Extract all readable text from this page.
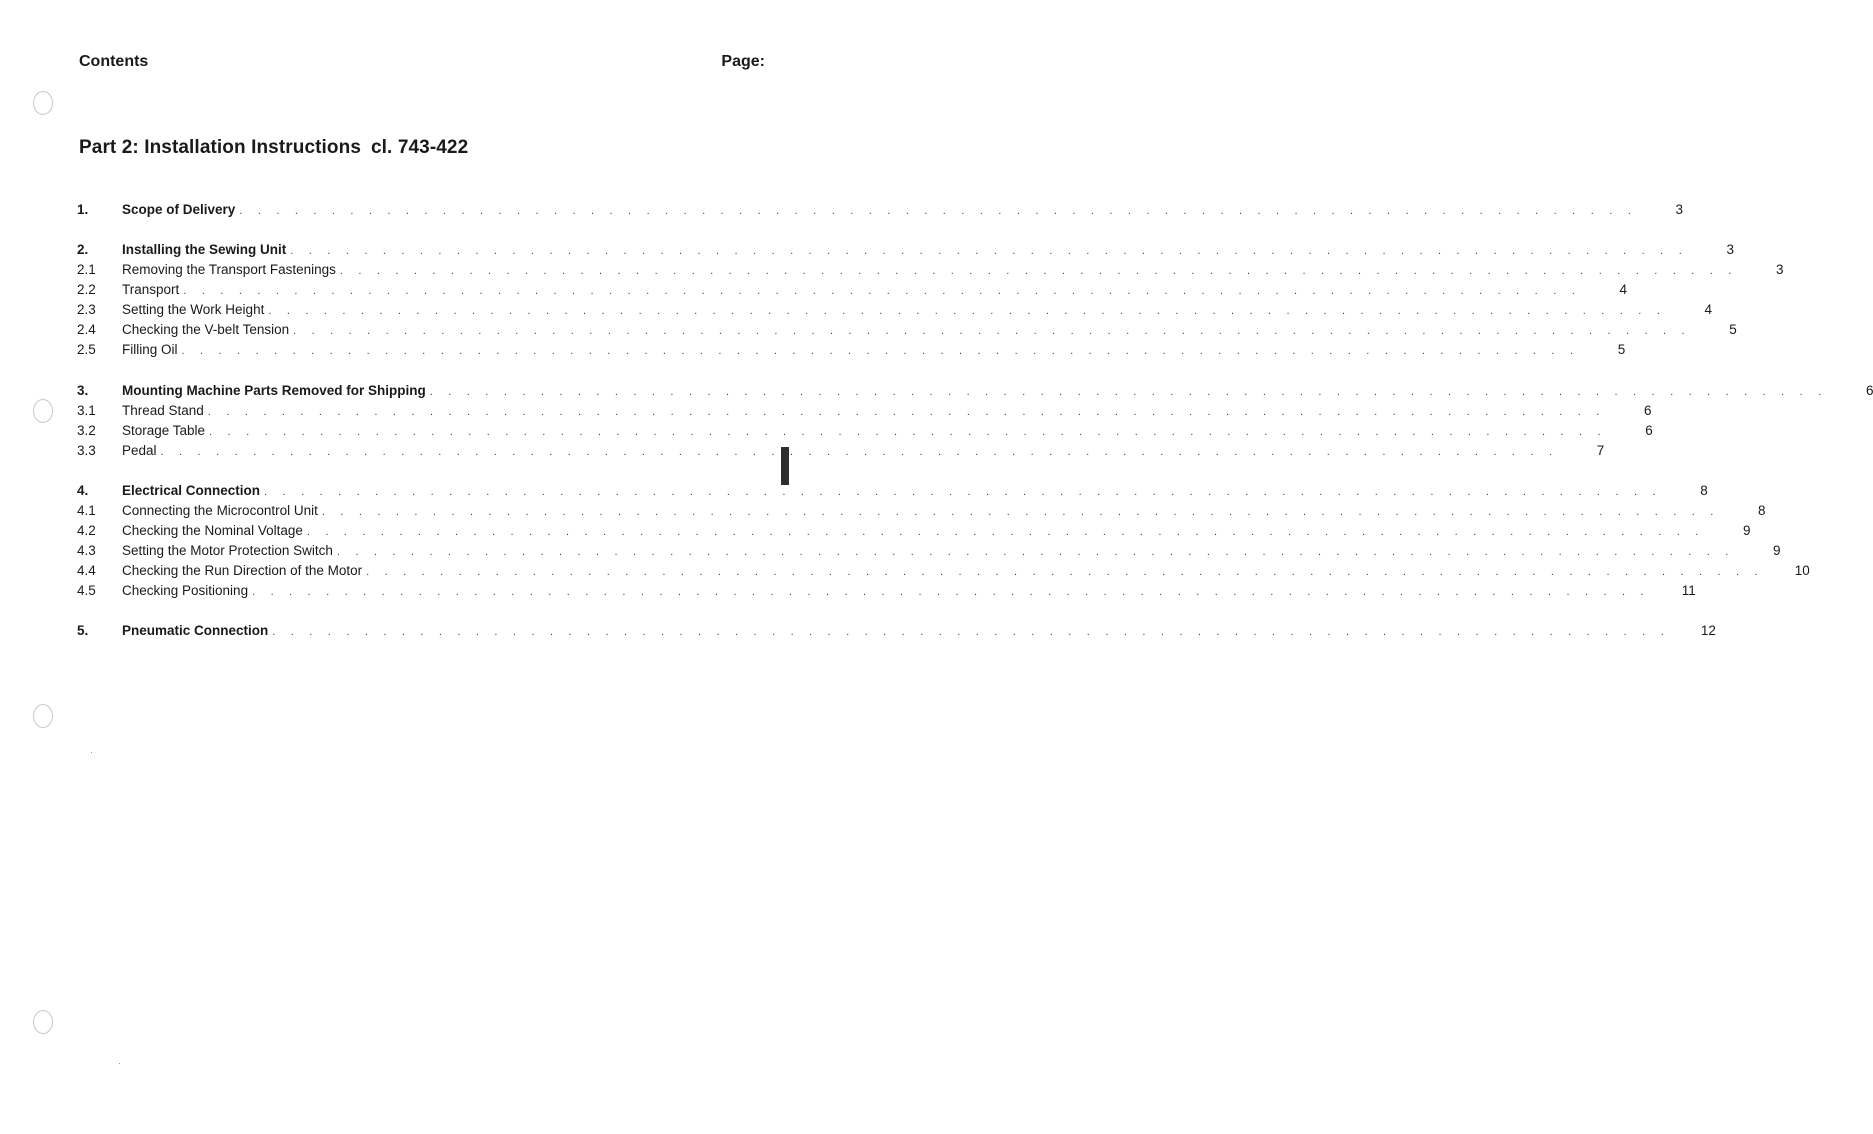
Contents	Page:
Part 2: Installation Instructions cl. 743-422
1.	Scope of Delivery . . . . . . . . . . . . . . . . . . . . . . . . . . . . . . . . . . . . . . . . . . . . . . . . . . . . . . . . . . . . . . . . . . . . . . . . . . . .	3
2.	Installing the Sewing Unit . . . . . . . . . . . . . . . . . . . . . . . . . . . . . . . . . . . . . . . . . . . . . . . . . . . . . . . . . . . . . . . . . . . . . . . . . . . .	3
2.1	Removing the Transport Fastenings . . . . . . . . . . . . . . . . . . . . . . . . . . . . . . . . . . . . . . . . . . . . . . . . . . . . . . . . . . . . . . . . . . . . . . . . . . . .	3
2.2	Transport . . . . . . . . . . . . . . . . . . . . . . . . . . . . . . . . . . . . . . . . . . . . . . . . . . . . . . . . . . . . . . . . . . . . . . . . . . . .	4
2.3	Setting the Work Height . . . . . . . . . . . . . . . . . . . . . . . . . . . . . . . . . . . . . . . . . . . . . . . . . . . . . . . . . . . . . . . . . . . . . . . . . . . .	4
2.4	Checking the V-belt Tension . . . . . . . . . . . . . . . . . . . . . . . . . . . . . . . . . . . . . . . . . . . . . . . . . . . . . . . . . . . . . . . . . . . . . . . . . . . .	5
2.5	Filling Oil . . . . . . . . . . . . . . . . . . . . . . . . . . . . . . . . . . . . . . . . . . . . . . . . . . . . . . . . . . . . . . . . . . . . . . . . . . . .	5
3.	Mounting Machine Parts Removed for Shipping . . . . . . . . . . . . . . . . . . . . . . . . . . . . . . . . . . . . . . . . . . . . . . . . . . . . . . . . . . . . . . . . . . . . . . . . . . . .	6
3.1	Thread Stand . . . . . . . . . . . . . . . . . . . . . . . . . . . . . . . . . . . . . . . . . . . . . . . . . . . . . . . . . . . . . . . . . . . . . . . . . . . .	6
3.2	Storage Table . . . . . . . . . . . . . . . . . . . . . . . . . . . . . . . . . . . . . . . . . . . . . . . . . . . . . . . . . . . . . . . . . . . . . . . . . . . .	6
3.3	Pedal . . . . . . . . . . . . . . . . . . . . . . . . . . . . . . . . . . . . . . . . . . . . . . . . . . . . . . . . . . . . . . . . . . . . . . . . . . . .	7
4.	Electrical Connection . . . . . . . . . . . . . . . . . . . . . . . . . . . . . . . . . . . . . . . . . . . . . . . . . . . . . . . . . . . . . . . . . . . . . . . . . . . .	8
4.1	Connecting the Microcontrol Unit . . . . . . . . . . . . . . . . . . . . . . . . . . . . . . . . . . . . . . . . . . . . . . . . . . . . . . . . . . . . . . . . . . . . . . . . . . . .	8
4.2	Checking the Nominal Voltage . . . . . . . . . . . . . . . . . . . . . . . . . . . . . . . . . . . . . . . . . . . . . . . . . . . . . . . . . . . . . . . . . . . . . . . . . . . .	9
4.3	Setting the Motor Protection Switch . . . . . . . . . . . . . . . . . . . . . . . . . . . . . . . . . . . . . . . . . . . . . . . . . . . . . . . . . . . . . . . . . . . . . . . . . . . .	9
4.4	Checking the Run Direction of the Motor . . . . . . . . . . . . . . . . . . . . . . . . . . . . . . . . . . . . . . . . . . . . . . . . . . . . . . . . . . . . . . . . . . . . . . . . . . . .	10
4.5	Checking Positioning . . . . . . . . . . . . . . . . . . . . . . . . . . . . . . . . . . . . . . . . . . . . . . . . . . . . . . . . . . . . . . . . . . . . . . . . . . . .	11
5.	Pneumatic Connection . . . . . . . . . . . . . . . . . . . . . . . . . . . . . . . . . . . . . . . . . . . . . . . . . . . . . . . . . . . . . . . . . . . . . . . . . . . .	12
